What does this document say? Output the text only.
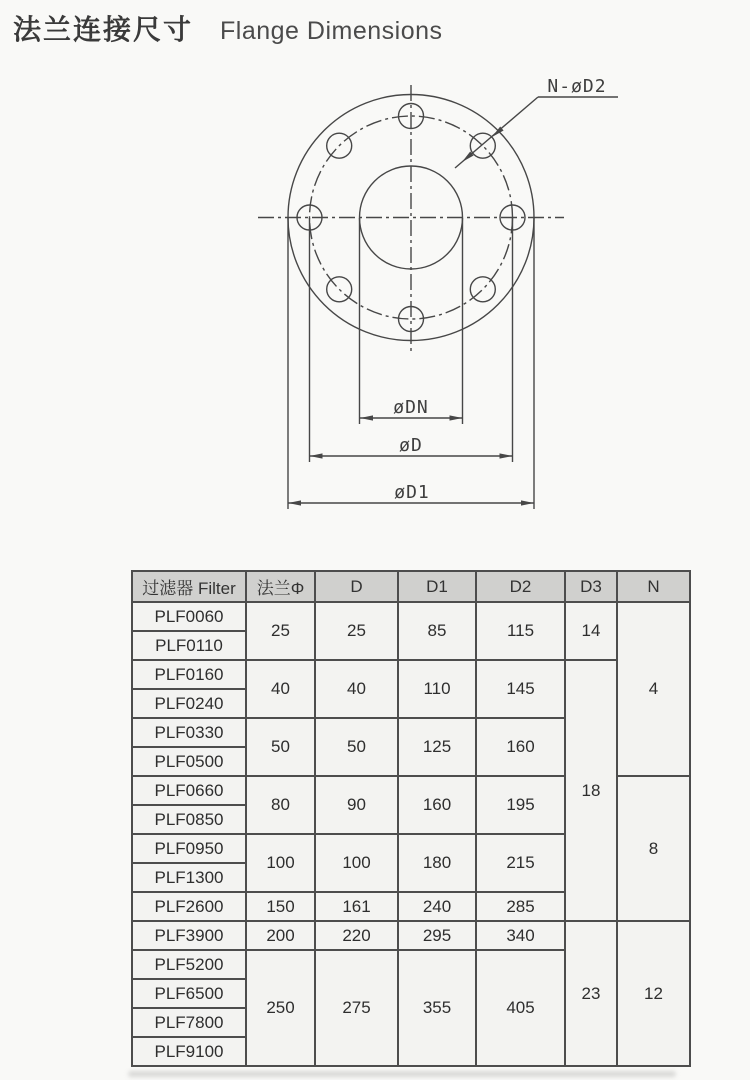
法兰连接尺寸 Flange Dimensions
N-øD2
øDN
øD
øD1
过滤器 Filter	法兰Φ	D	D1	D2	D3	N
PLF0060	25	25	85	115	14	4
PLF0110						
PLF0160	40	40	110	145	18	
PLF0240						
PLF0330	50	50	125	160		
PLF0500						
PLF0660	80	90	160	195		8
PLF0850						
PLF0950	100	100	180	215		
PLF1300						
PLF2600	150	161	240	285		
PLF3900	200	220	295	340	23	12
PLF5200	250	275	355	405		
PLF6500						
PLF7800						
PLF9100						
